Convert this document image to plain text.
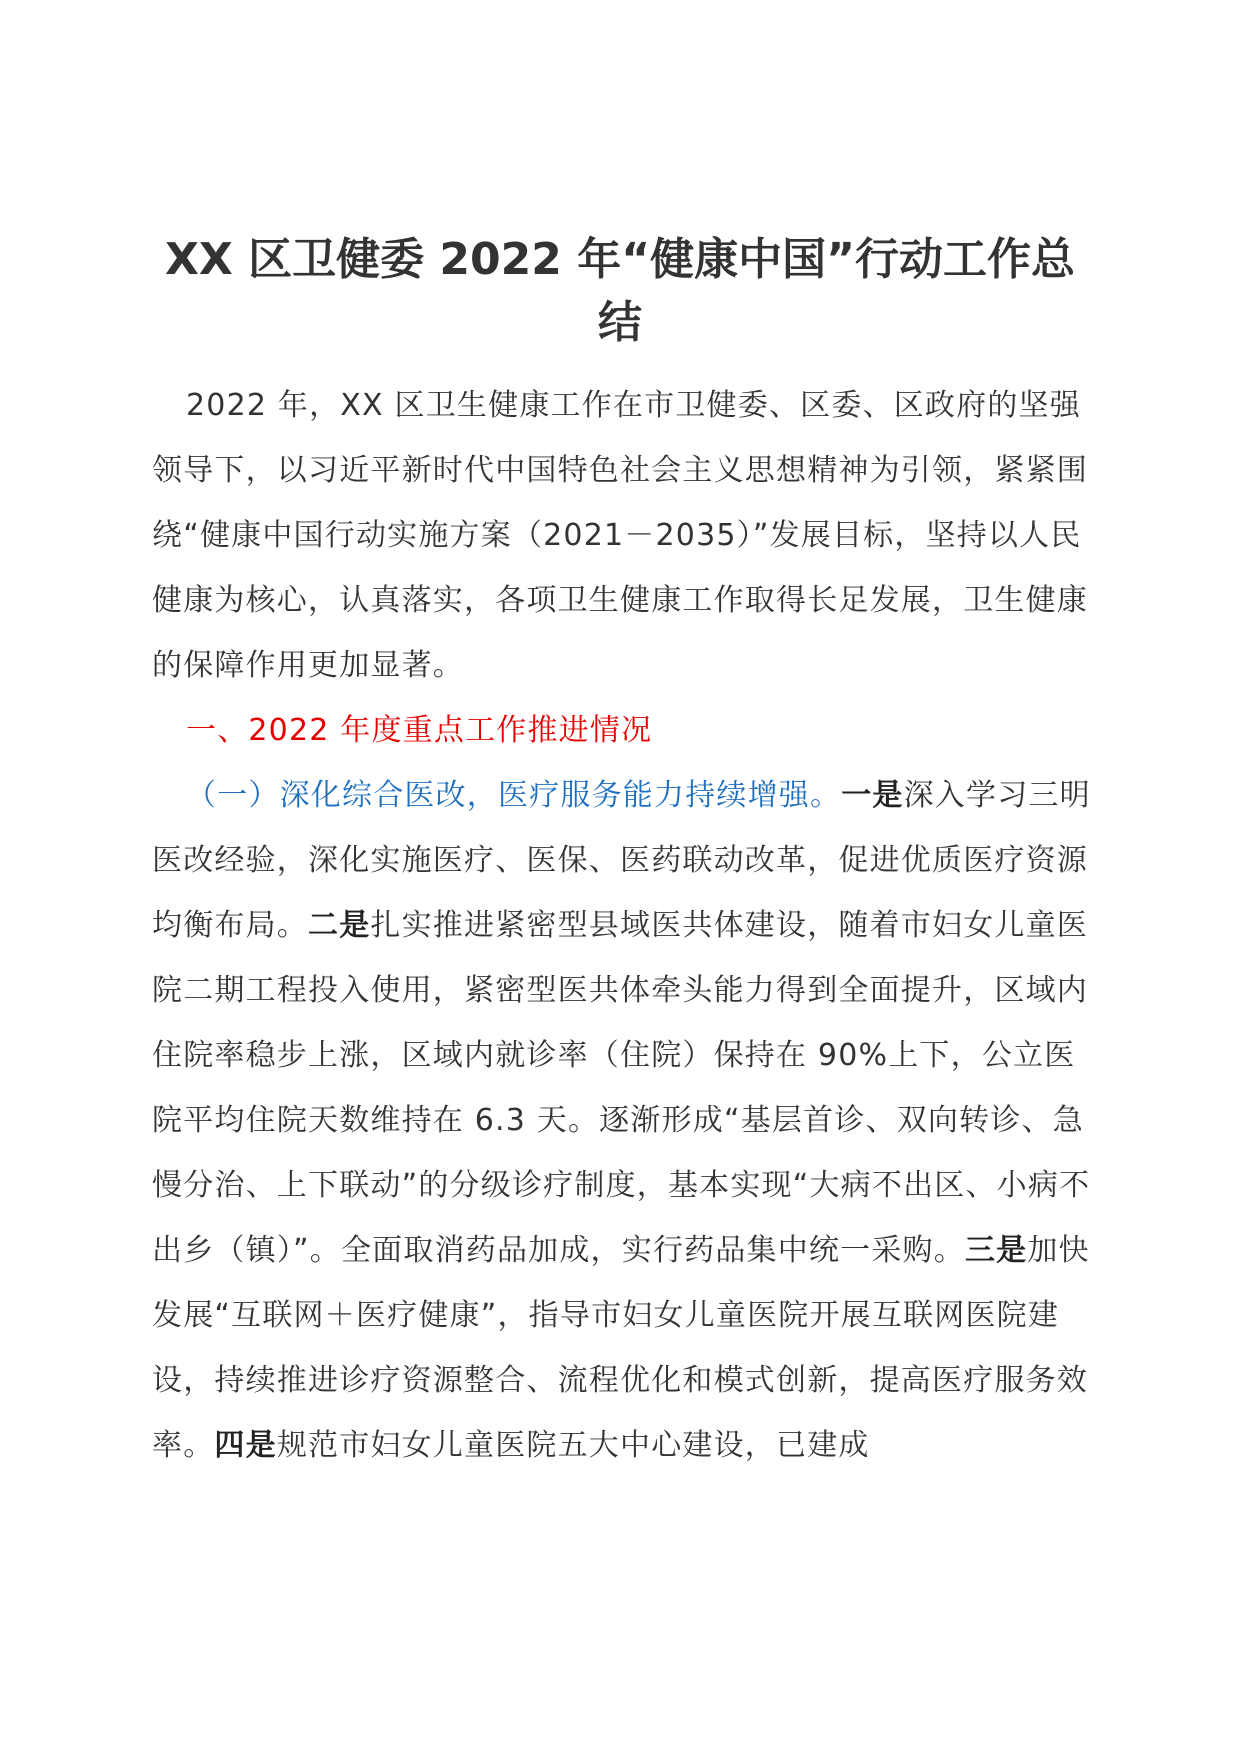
XX 区卫健委 2022 年“健康中国”行动工作总结

2022 年，XX 区卫生健康工作在市卫健委、区委、区政府的坚强领导下，以习近平新时代中国特色社会主义思想精神为引领，紧紧围绕“健康中国行动实施方案（2021－2035）”发展目标，坚持以人民健康为核心，认真落实，各项卫生健康工作取得长足发展，卫生健康的保障作用更加显著。

一、2022 年度重点工作推进情况

（一）深化综合医改，医疗服务能力持续增强。一是深入学习三明医改经验，深化实施医疗、医保、医药联动改革，促进优质医疗资源均衡布局。二是扎实推进紧密型县域医共体建设，随着市妇女儿童医院二期工程投入使用，紧密型医共体牵头能力得到全面提升，区域内住院率稳步上涨，区域内就诊率（住院）保持在 90%上下，公立医院平均住院天数维持在 6.3 天。逐渐形成“基层首诊、双向转诊、急慢分治、上下联动”的分级诊疗制度，基本实现“大病不出区、小病不出乡（镇）”。全面取消药品加成，实行药品集中统一采购。三是加快发展“互联网＋医疗健康”，指导市妇女儿童医院开展互联网医院建设，持续推进诊疗资源整合、流程优化和模式创新，提高医疗服务效率。四是规范市妇女儿童医院五大中心建设，已建成
